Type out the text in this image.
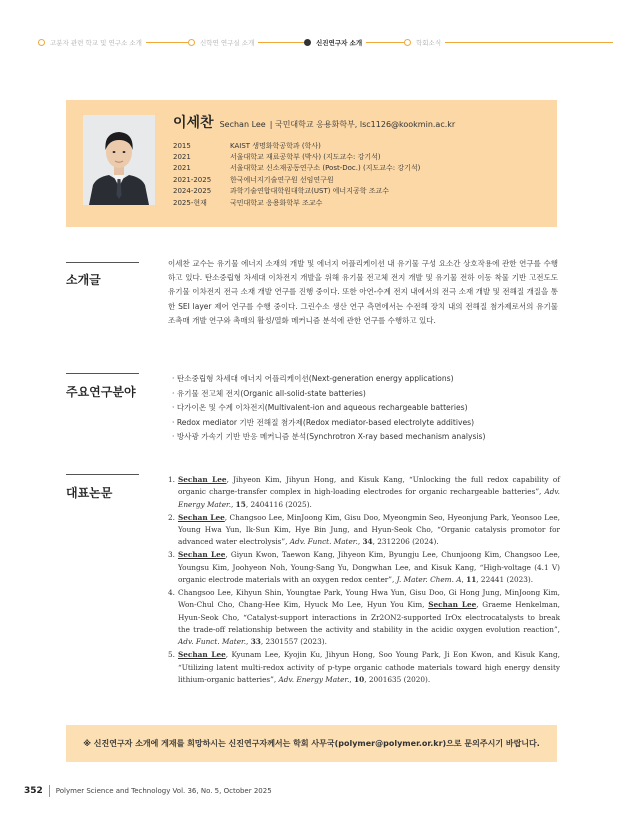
고분자 관련 학교 및 연구소 소개	신학연 연구실 소개	신진연구자 소개	학회소식
이세찬 Sechan Lee | 국민대학교 응용화학부, lsc1126@kookmin.ac.kr
2015	KAIST 생명화학공학과 (학사)
2021	서울대학교 재료공학부 (박사) (지도교수: 강기석)
2021	서울대학교 신소재공동연구소 (Post-Doc.) (지도교수: 강기석)
2021-2025	한국에너지기술연구원 선임연구원
2024-2025	과학기술연합대학원대학교(UST) 에너지공학 조교수
2025-현재	국민대학교 응용화학부 조교수
소개글
이세찬 교수는 유기물 에너지 소재의 개발 및 에너지 어플리케이션 내 유기물 구성 요소간 상호작용에 관한 연구를 수행하고 있다. 탄소중립형 차세대 이차전지 개발을 위해 유기물 전고체 전지 개발 및 유기물 전하 이동 착물 기반 고전도도 유기물 이차전지 전극 소재 개발 연구를 진행 중이다. 또한 아연-수계 전지 내에서의 전극 소재 개발 및 전해질 개질을 통한 SEI layer 제어 연구를 수행 중이다. 그린수소 생산 연구 측면에서는 수전해 장치 내의 전해질 첨가제로서의 유기물 조촉매 개발 연구와 촉매의 활성/열화 메커니즘 분석에 관한 연구를 수행하고 있다.
주요연구분야
· 탄소중립형 차세대 에너지 어플리케이션(Next-generation energy applications)
· 유기물 전고체 전지(Organic all-solid-state batteries)
· 다가이온 및 수계 이차전지(Multivalent-ion and aqueous rechargeable batteries)
· Redox mediator 기반 전해질 첨가제(Redox mediator-based electrolyte additives)
· 방사광 가속기 기반 반응 메커니즘 분석(Synchrotron X-ray based mechanism analysis)
대표논문
1. Sechan Lee, Jihyeon Kim, Jihyun Hong, and Kisuk Kang, “Unlocking the full redox capability of organic charge-transfer complex in high-loading electrodes for organic rechargeable batteries”, Adv. Energy Mater., 15, 2404116 (2025).
2. Sechan Lee, Changsoo Lee, MinJoong Kim, Gisu Doo, Myeongmin Seo, Hyeonjung Park, Yeonsoo Lee, Young Hwa Yun, Ik-Sun Kim, Hye Bin Jung, and Hyun-Seok Cho, “Organic catalysis promotor for advanced water electrolysis”, Adv. Funct. Mater., 34, 2312206 (2024).
3. Sechan Lee, Giyun Kwon, Taewon Kang, Jihyeon Kim, Byungju Lee, Chunjoong Kim, Changsoo Lee, Youngsu Kim, Joohyeon Noh, Young-Sang Yu, Dongwhan Lee, and Kisuk Kang, “High-voltage (4.1 V) organic electrode materials with an oxygen redox center”, J. Mater. Chem. A, 11, 22441 (2023).
4. Changsoo Lee, Kihyun Shin, Youngtae Park, Young Hwa Yun, Gisu Doo, Gi Hong Jung, MinJoong Kim, Won-Chul Cho, Chang-Hee Kim, Hyuck Mo Lee, Hyun You Kim, Sechan Lee, Graeme Henkelman, Hyun-Seok Cho, “Catalyst-support interactions in Zr2ON2-supported IrOx electrocatalysts to break the trade-off relationship between the activity and stability in the acidic oxygen evolution reaction”, Adv. Funct. Mater., 33, 2301557 (2023).
5. Sechan Lee, Kyunam Lee, Kyojin Ku, Jihyun Hong, Soo Young Park, Ji Eon Kwon, and Kisuk Kang, “Utilizing latent multi-redox activity of p-type organic cathode materials toward high energy density lithium-organic batteries”, Adv. Energy Mater., 10, 2001635 (2020).
※ 신진연구자 소개에 게재를 희망하시는 신진연구자께서는 학회 사무국(polymer@polymer.or.kr)으로 문의주시기 바랍니다.
352 Polymer Science and Technology Vol. 36, No. 5, October 2025
